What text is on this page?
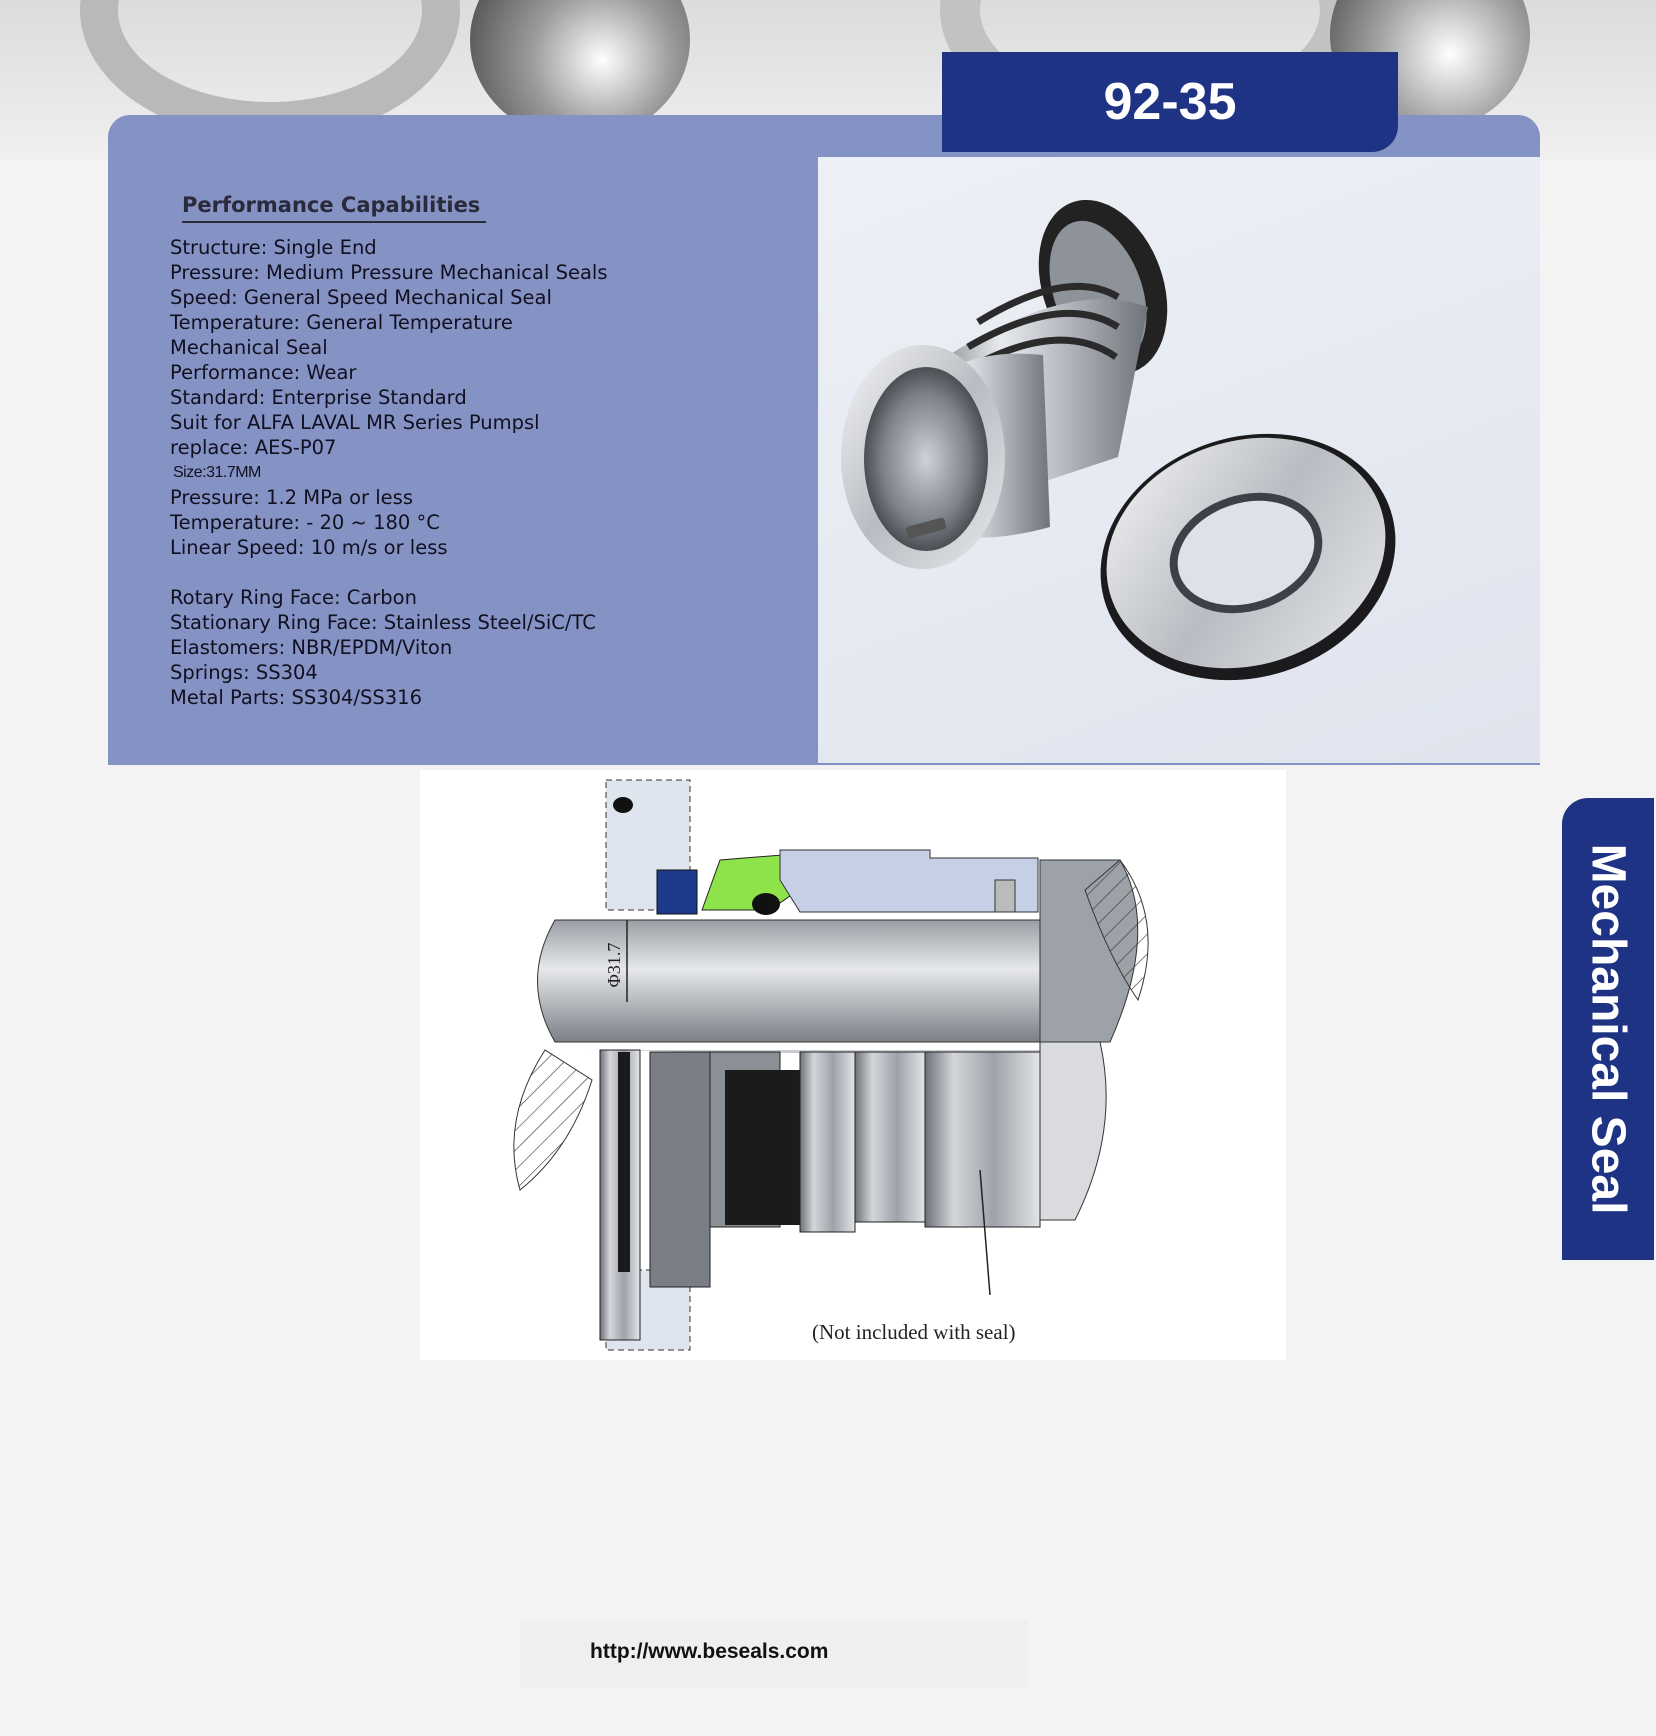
92-35
Performance Capabilities
Structure: Single End
Pressure: Medium Pressure Mechanical Seals
Speed: General Speed Mechanical Seal
Temperature: General Temperature
Mechanical Seal
Performance: Wear
Standard: Enterprise Standard
Suit for ALFA LAVAL MR Series Pumpsl
replace: AES-P07
Size:31.7MM
Pressure: 1.2 MPa or less
Temperature: - 20 ~ 180 °C
Linear Speed: 10 m/s or less
Rotary Ring Face: Carbon
Stationary Ring Face: Stainless Steel/SiC/TC
Elastomers: NBR/EPDM/Viton
Springs: SS304
Metal Parts: SS304/SS316
Φ31.7
(Not included with seal)
Mechanical Seal
http://www.beseals.com
